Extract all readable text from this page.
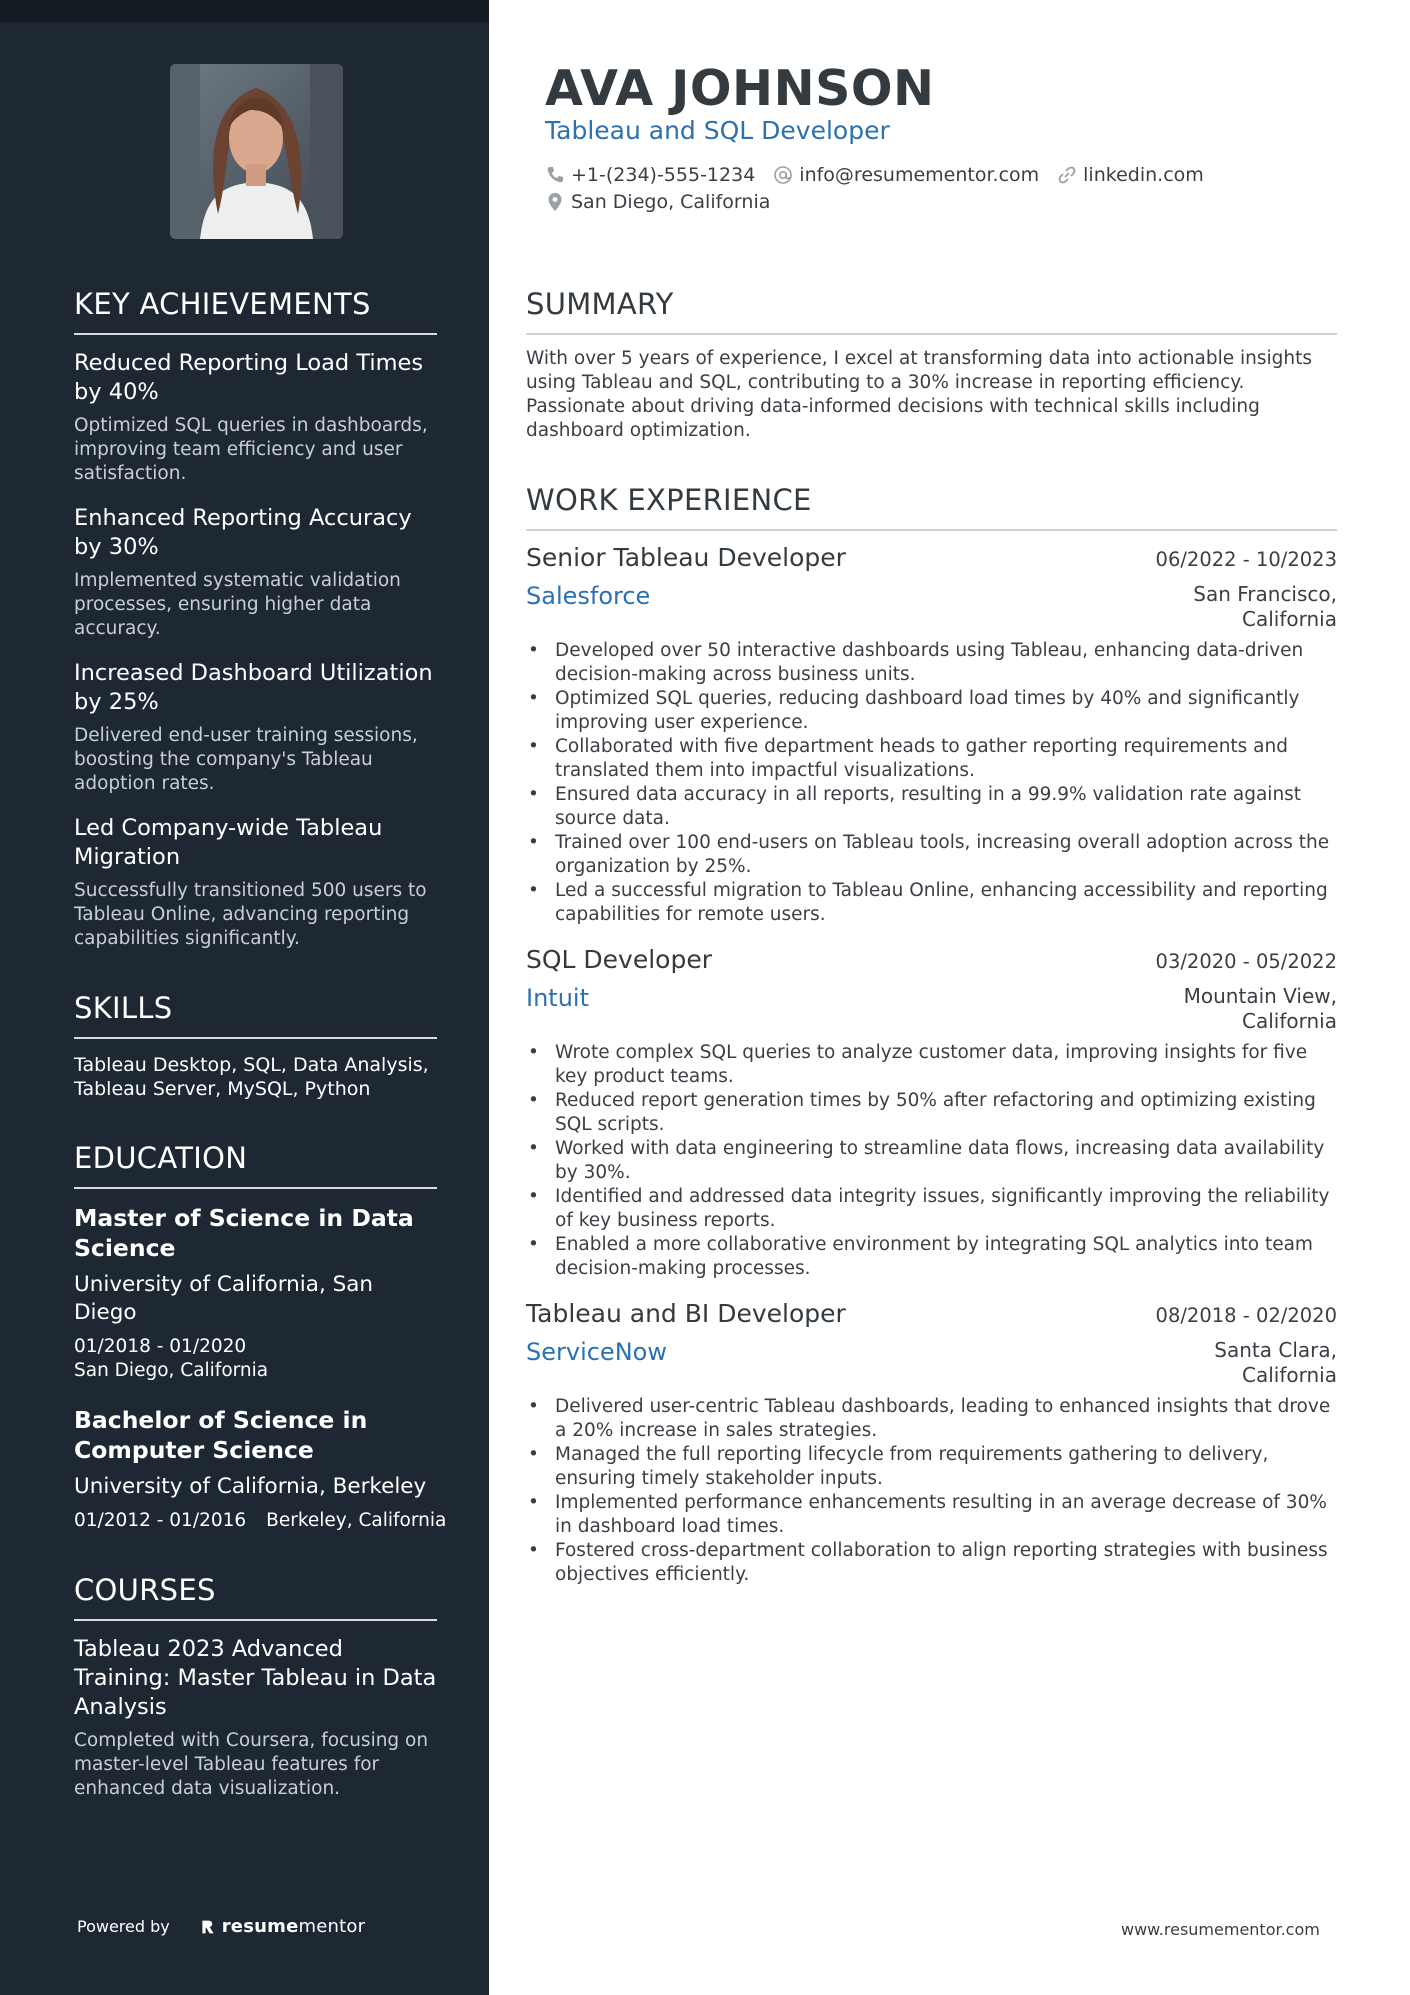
KEY ACHIEVEMENTS
Reduced Reporting Load Times by 40%
Optimized SQL queries in dashboards, improving team efficiency and user satisfaction.
Enhanced Reporting Accuracy by 30%
Implemented systematic validation processes, ensuring higher data accuracy.
Increased Dashboard Utilization by 25%
Delivered end-user training sessions, boosting the company's Tableau adoption rates.
Led Company-wide Tableau Migration
Successfully transitioned 500 users to Tableau Online, advancing reporting capabilities significantly.
SKILLS
Tableau Desktop, SQL, Data Analysis, Tableau Server, MySQL, Python
EDUCATION
Master of Science in Data Science
University of California, San Diego
01/2018 - 01/2020
San Diego, California
Bachelor of Science in Computer Science
University of California, Berkeley
01/2012 - 01/2016 Berkeley, California
COURSES
Tableau 2023 Advanced Training: Master Tableau in Data Analysis
Completed with Coursera, focusing on master-level Tableau features for enhanced data visualization.
Powered by	resumementor
AVA JOHNSON
Tableau and SQL Developer
+1-(234)-555-1234 info@resumementor.com linkedin.com
San Diego, California
SUMMARY
With over 5 years of experience, I excel at transforming data into actionable insights using Tableau and SQL, contributing to a 30% increase in reporting efficiency. Passionate about driving data-informed decisions with technical skills including dashboard optimization.
WORK EXPERIENCE
Senior Tableau Developer	06/2022 - 10/2023
Salesforce	San Francisco, California
• Developed over 50 interactive dashboards using Tableau, enhancing data-driven decision-making across business units.
• Optimized SQL queries, reducing dashboard load times by 40% and significantly improving user experience.
• Collaborated with five department heads to gather reporting requirements and translated them into impactful visualizations.
• Ensured data accuracy in all reports, resulting in a 99.9% validation rate against source data.
• Trained over 100 end-users on Tableau tools, increasing overall adoption across the organization by 25%.
• Led a successful migration to Tableau Online, enhancing accessibility and reporting capabilities for remote users.
SQL Developer	03/2020 - 05/2022
Intuit	Mountain View, California
• Wrote complex SQL queries to analyze customer data, improving insights for five key product teams.
• Reduced report generation times by 50% after refactoring and optimizing existing SQL scripts.
• Worked with data engineering to streamline data flows, increasing data availability by 30%.
• Identified and addressed data integrity issues, significantly improving the reliability of key business reports.
• Enabled a more collaborative environment by integrating SQL analytics into team decision-making processes.
Tableau and BI Developer	08/2018 - 02/2020
ServiceNow	Santa Clara, California
• Delivered user-centric Tableau dashboards, leading to enhanced insights that drove a 20% increase in sales strategies.
• Managed the full reporting lifecycle from requirements gathering to delivery, ensuring timely stakeholder inputs.
• Implemented performance enhancements resulting in an average decrease of 30% in dashboard load times.
• Fostered cross-department collaboration to align reporting strategies with business objectives efficiently.
www.resumementor.com
